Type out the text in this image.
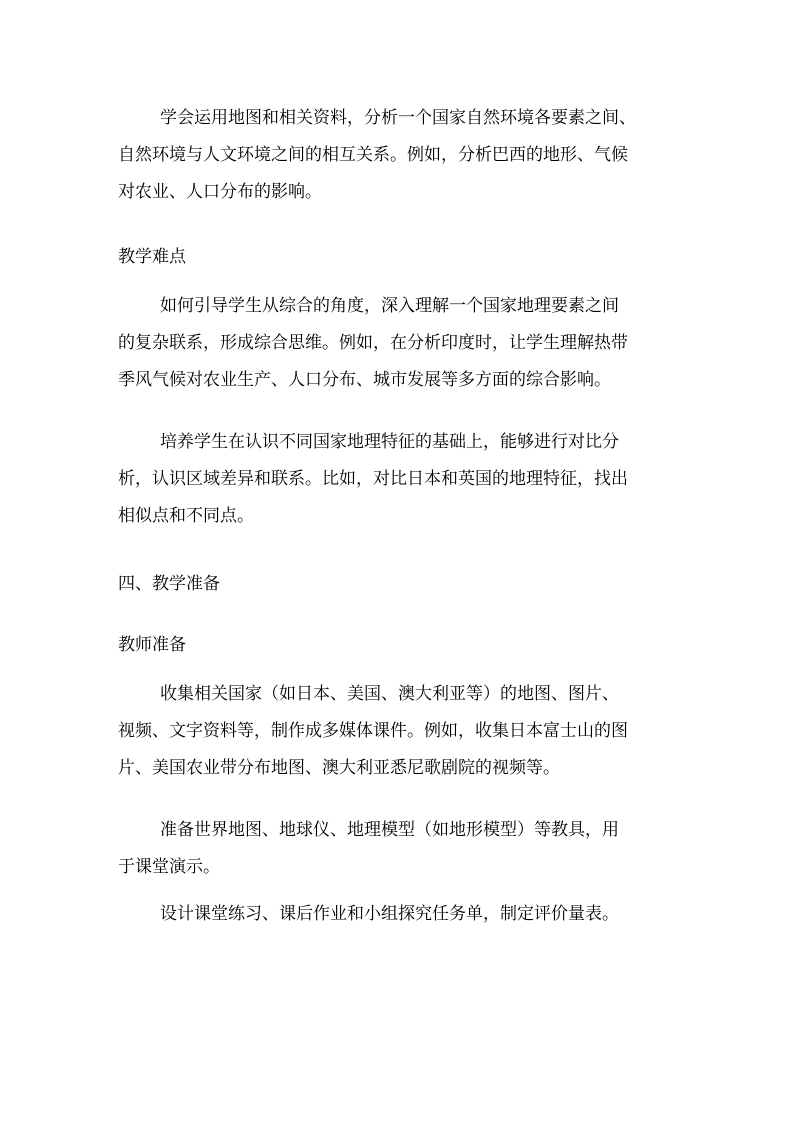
学会运用地图和相关资料，分析一个国家自然环境各要素之间、
自然环境与人文环境之间的相互关系。例如，分析巴西的地形、气候
对农业、人口分布的影响。

教学难点

如何引导学生从综合的角度，深入理解一个国家地理要素之间
的复杂联系，形成综合思维。例如，在分析印度时，让学生理解热带
季风气候对农业生产、人口分布、城市发展等多方面的综合影响。

培养学生在认识不同国家地理特征的基础上，能够进行对比分
析，认识区域差异和联系。比如，对比日本和英国的地理特征，找出
相似点和不同点。

四、教学准备
教师准备

收集相关国家（如日本、美国、澳大利亚等）的地图、图片、
视频、文字资料等，制作成多媒体课件。例如，收集日本富士山的图
片、美国农业带分布地图、澳大利亚悉尼歌剧院的视频等。

准备世界地图、地球仪、地理模型（如地形模型）等教具，用
于课堂演示。

设计课堂练习、课后作业和小组探究任务单，制定评价量表。
